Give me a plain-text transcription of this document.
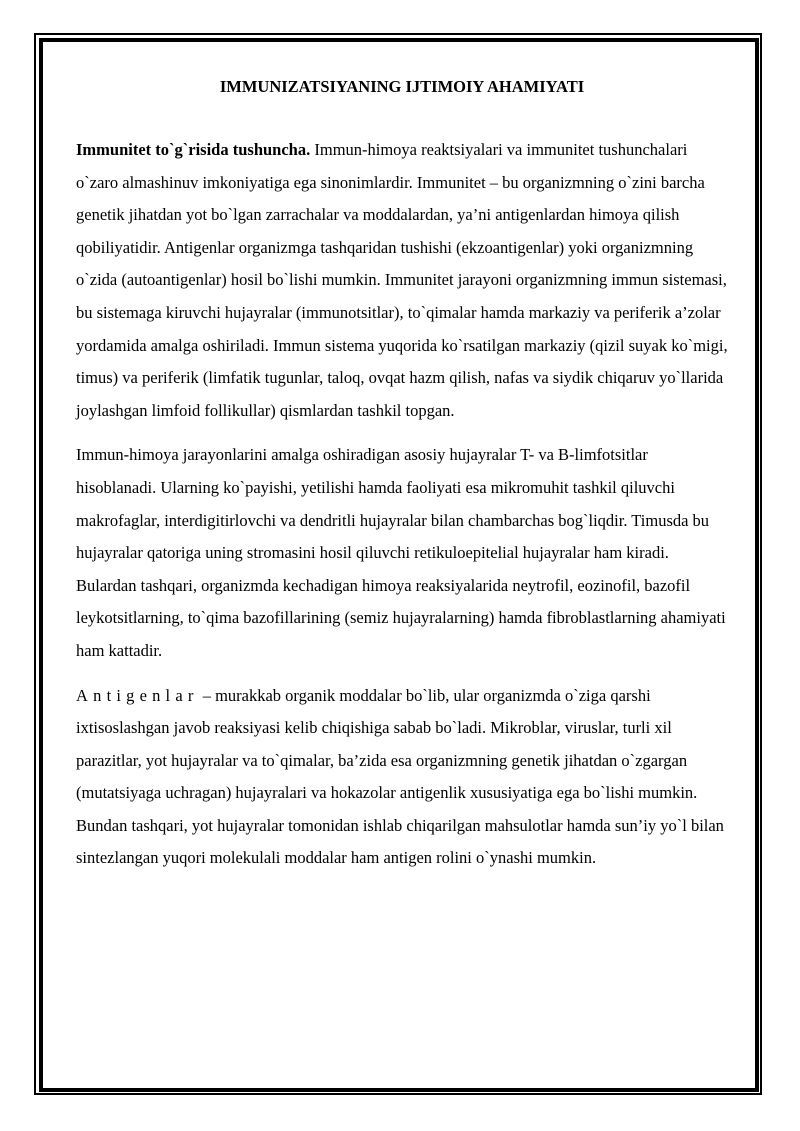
IMMUNIZATSIYANING IJTIMOIY AHAMIYATI

Immunitet to`g`risida tushuncha. Immun-himoya reaktsiyalari va immunitet tushunchalari o`zaro almashinuv imkoniyatiga ega sinonimlardir. Immunitet – bu organizmning o`zini barcha genetik jihatdan yot bo`lgan zarrachalar va moddalardan, ya’ni antigenlardan himoya qilish qobiliyatidir. Antigenlar organizmga tashqaridan tushishi (ekzoantigenlar) yoki organizmning o`zida (autoantigenlar) hosil bo`lishi mumkin. Immunitet jarayoni organizmning immun sistemasi, bu sistemaga kiruvchi hujayralar (immunotsitlar), to`qimalar hamda markaziy va periferik a’zolar yordamida amalga oshiriladi. Immun sistema yuqorida ko`rsatilgan markaziy (qizil suyak ko`migi, timus) va periferik (limfatik tugunlar, taloq, ovqat hazm qilish, nafas va siydik chiqaruv yo`llarida joylashgan limfoid follikullar) qismlardan tashkil topgan.

Immun-himoya jarayonlarini amalga oshiradigan asosiy hujayralar T- va B-limfotsitlar hisoblanadi. Ularning ko`payishi, yetilishi hamda faoliyati esa mikromuhit tashkil qiluvchi makrofaglar, interdigitirlovchi va dendritli hujayralar bilan chambarchas bog`liqdir. Timusda bu hujayralar qatoriga uning stromasini hosil qiluvchi retikuloepitelial hujayralar ham kiradi. Bulardan tashqari, organizmda kechadigan himoya reaksiyalarida neytrofil, eozinofil, bazofil leykotsitlarning, to`qima bazofillarining (semiz hujayralarning) hamda fibroblastlarning ahamiyati ham kattadir.

Antigenlar – murakkab organik moddalar bo`lib, ular organizmda o`ziga qarshi ixtisoslashgan javob reaksiyasi kelib chiqishiga sabab bo`ladi. Mikroblar, viruslar, turli xil parazitlar, yot hujayralar va to`qimalar, ba’zida esa organizmning genetik jihatdan o`zgargan (mutatsiyaga uchragan) hujayralari va hokazolar antigenlik xususiyatiga ega bo`lishi mumkin. Bundan tashqari, yot hujayralar tomonidan ishlab chiqarilgan mahsulotlar hamda sun’iy yo`l bilan sintezlangan yuqori molekulali moddalar ham antigen rolini o`ynashi mumkin.
